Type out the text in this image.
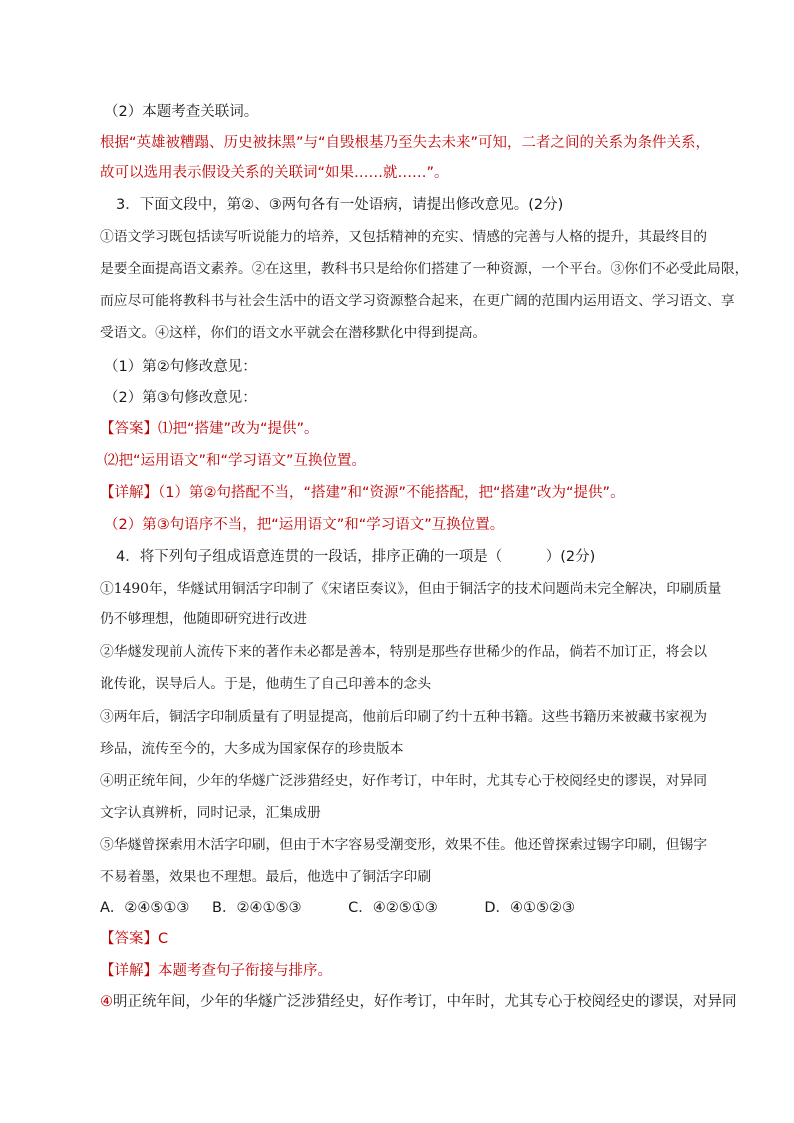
（2）本题考查关联词。
根据“英雄被糟蹋、历史被抹黑”与“自毁根基乃至失去未来”可知，二者之间的关系为条件关系，
故可以选用表示假设关系的关联词“如果……就……”。
3．下面文段中，第②、③两句各有一处语病，请提出修改意见。(2分)
①语文学习既包括读写听说能力的培养，又包括精神的充实、情感的完善与人格的提升，其最终目的
是要全面提高语文素养。②在这里，教科书只是给你们搭建了一种资源，一个平台。③你们不必受此局限，
而应尽可能将教科书与社会生活中的语文学习资源整合起来，在更广阔的范围内运用语文、学习语文、享
受语文。④这样，你们的语文水平就会在潜移默化中得到提高。
（1）第②句修改意见：
（2）第③句修改意见：
【答案】⑴把“搭建”改为“提供”。
⑵把“运用语文”和“学习语文”互换位置。
【详解】（1）第②句搭配不当，“搭建”和“资源”不能搭配，把“搭建”改为“提供”。
（2）第③句语序不当，把“运用语文”和“学习语文”互换位置。
4．将下列句子组成语意连贯的一段话，排序正确的一项是（　　　）(2分)
①1490年，华燧试用铜活字印制了《宋诸臣奏议》，但由于铜活字的技术问题尚未完全解决，印刷质量
仍不够理想，他随即研究进行改进
②华燧发现前人流传下来的著作未必都是善本，特别是那些存世稀少的作品，倘若不加订正，将会以
讹传讹，误导后人。于是，他萌生了自己印善本的念头
③两年后，铜活字印制质量有了明显提高，他前后印刷了约十五种书籍。这些书籍历来被藏书家视为
珍品，流传至今的，大多成为国家保存的珍贵版本
④明正统年间，少年的华燧广泛涉猎经史，好作考订，中年时，尤其专心于校阅经史的谬误，对异同
文字认真辨析，同时记录，汇集成册
⑤华燧曾探索用木活字印刷，但由于木字容易受潮变形，效果不佳。他还曾探索过锡字印刷，但锡字
不易着墨，效果也不理想。最后，他选中了铜活字印刷
A．②④⑤①③ B．②④①⑤③	C．④②⑤①③	D．④①⑤②③
【答案】C
【详解】本题考查句子衔接与排序。
④明正统年间，少年的华燧广泛涉猎经史，好作考订，中年时，尤其专心于校阅经史的谬误，对异同
